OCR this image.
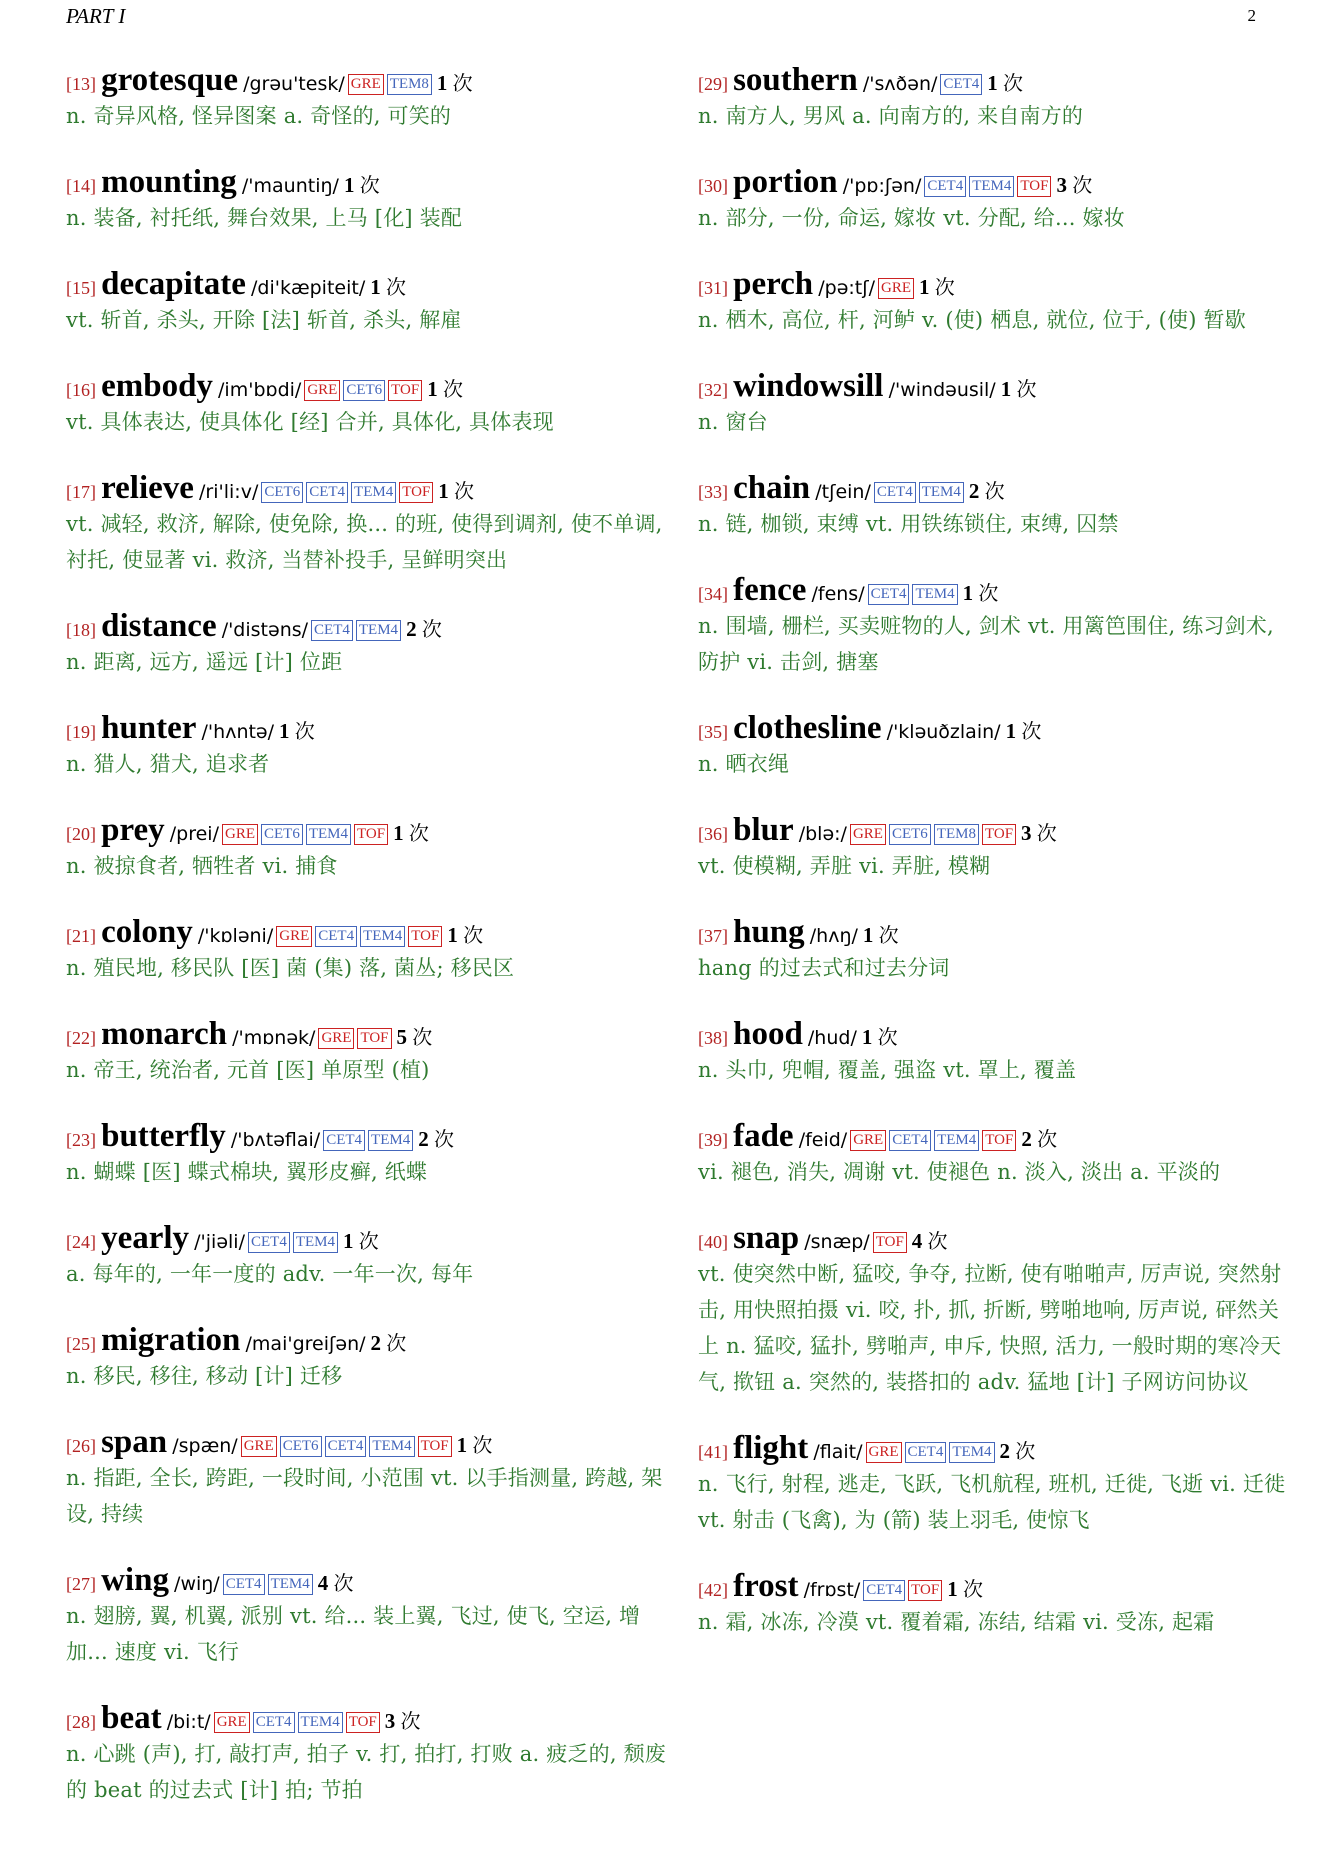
PART I	2
[13] grotesque /grəu'tesk/ GRE TEM8 1 次
n. 奇异风格, 怪异图案 a. 奇怪的, 可笑的
[14] mounting /'mauntiŋ/ 1 次
n. 装备, 衬托纸, 舞台效果, 上马 [化] 装配
[15] decapitate /di'kæpiteit/ 1 次
vt. 斩首, 杀头, 开除 [法] 斩首, 杀头, 解雇
[16] embody /im'bɒdi/ GRE CET6 TOF 1 次
vt. 具体表达, 使具体化 [经] 合并, 具体化, 具体表现
[17] relieve /ri'li:v/ CET6 CET4 TEM4 TOF 1 次
vt. 减轻, 救济, 解除, 使免除, 换... 的班, 使得到调剂, 使不单调, 衬托, 使显著 vi. 救济, 当替补投手, 呈鲜明突出
[18] distance /'distəns/ CET4 TEM4 2 次
n. 距离, 远方, 遥远 [计] 位距
[19] hunter /'hʌntə/ 1 次
n. 猎人, 猎犬, 追求者
[20] prey /prei/ GRE CET6 TEM4 TOF 1 次
n. 被掠食者, 牺牲者 vi. 捕食
[21] colony /'kɒləni/ GRE CET4 TEM4 TOF 1 次
n. 殖民地, 移民队 [医] 菌 (集) 落, 菌丛; 移民区
[22] monarch /'mɒnək/ GRE TOF 5 次
n. 帝王, 统治者, 元首 [医] 单原型 (植)
[23] butterfly /'bʌtəflai/ CET4 TEM4 2 次
n. 蝴蝶 [医] 蝶式棉块, 翼形皮癣, 纸蝶
[24] yearly /'jiəli/ CET4 TEM4 1 次
a. 每年的, 一年一度的 adv. 一年一次, 每年
[25] migration /mai'greiʃən/ 2 次
n. 移民, 移往, 移动 [计] 迁移
[26] span /spæn/ GRE CET6 CET4 TEM4 TOF 1 次
n. 指距, 全长, 跨距, 一段时间, 小范围 vt. 以手指测量, 跨越, 架设, 持续
[27] wing /wiŋ/ CET4 TEM4 4 次
n. 翅膀, 翼, 机翼, 派别 vt. 给... 装上翼, 飞过, 使飞, 空运, 增加... 速度 vi. 飞行
[28] beat /bi:t/ GRE CET4 TEM4 TOF 3 次
n. 心跳 (声), 打, 敲打声, 拍子 v. 打, 拍打, 打败 a. 疲乏的, 颓废的 beat 的过去式 [计] 拍; 节拍
[29] southern /'sʌðən/ CET4 1 次
n. 南方人, 男风 a. 向南方的, 来自南方的
[30] portion /'pɒ:ʃən/ CET4 TEM4 TOF 3 次
n. 部分, 一份, 命运, 嫁妆 vt. 分配, 给... 嫁妆
[31] perch /pə:tʃ/ GRE 1 次
n. 栖木, 高位, 杆, 河鲈 v. (使) 栖息, 就位, 位于, (使) 暂歇
[32] windowsill /'windəusil/ 1 次
n. 窗台
[33] chain /tʃein/ CET4 TEM4 2 次
n. 链, 枷锁, 束缚 vt. 用铁练锁住, 束缚, 囚禁
[34] fence /fens/ CET4 TEM4 1 次
n. 围墙, 栅栏, 买卖赃物的人, 剑术 vt. 用篱笆围住, 练习剑术, 防护 vi. 击剑, 搪塞
[35] clothesline /'kləuðzlain/ 1 次
n. 晒衣绳
[36] blur /blə:/ GRE CET6 TEM8 TOF 3 次
vt. 使模糊, 弄脏 vi. 弄脏, 模糊
[37] hung /hʌŋ/ 1 次
hang 的过去式和过去分词
[38] hood /hud/ 1 次
n. 头巾, 兜帽, 覆盖, 强盗 vt. 罩上, 覆盖
[39] fade /feid/ GRE CET4 TEM4 TOF 2 次
vi. 褪色, 消失, 凋谢 vt. 使褪色 n. 淡入, 淡出 a. 平淡的
[40] snap /snæp/ TOF 4 次
vt. 使突然中断, 猛咬, 争夺, 拉断, 使有啪啪声, 厉声说, 突然射击, 用快照拍摄 vi. 咬, 扑, 抓, 折断, 劈啪地响, 厉声说, 砰然关上 n. 猛咬, 猛扑, 劈啪声, 申斥, 快照, 活力, 一般时期的寒冷天气, 揿钮 a. 突然的, 装搭扣的 adv. 猛地 [计] 子网访问协议
[41] flight /flait/ GRE CET4 TEM4 2 次
n. 飞行, 射程, 逃走, 飞跃, 飞机航程, 班机, 迁徙, 飞逝 vi. 迁徙 vt. 射击 (飞禽), 为 (箭) 装上羽毛, 使惊飞
[42] frost /frɒst/ CET4 TOF 1 次
n. 霜, 冰冻, 冷漠 vt. 覆着霜, 冻结, 结霜 vi. 受冻, 起霜
